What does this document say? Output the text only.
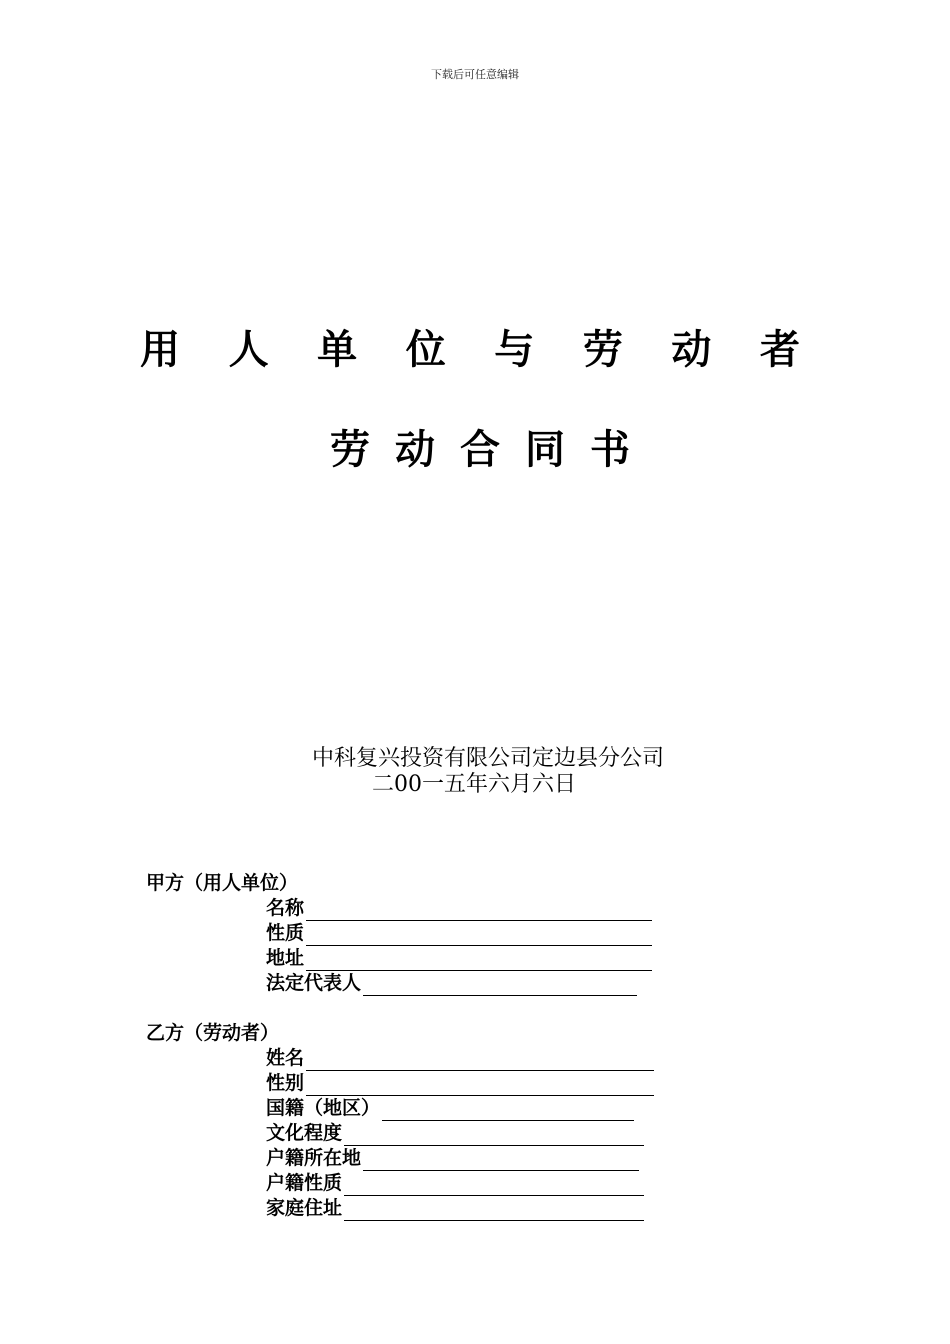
下载后可任意编辑
用 人 单 位 与 劳 动 者
劳 动 合 同 书
中科复兴投资有限公司定边县分公司
二00一五年六月六日
甲方（用人单位）
名称
性质
地址
法定代表人
乙方（劳动者）
姓名
性别
国籍（地区）
文化程度
户籍所在地
户籍性质
家庭住址
